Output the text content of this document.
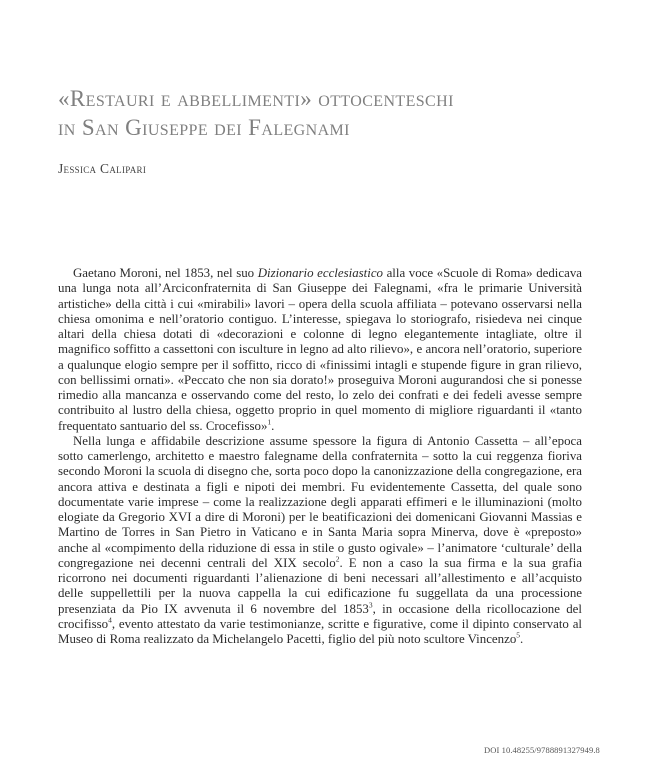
«Restauri e abbellimenti» ottocenteschi
in San Giuseppe dei Falegnami
Jessica Calipari

Gaetano Moroni, nel 1853, nel suo Dizionario ecclesiastico alla voce «Scuole di Roma» dedicava una lunga nota all’Arciconfraternita di San Giuseppe dei Falegnami, «fra le primarie Università artistiche» della città i cui «mirabili» lavori – opera della scuola affiliata – potevano osservarsi nella chiesa omonima e nell’oratorio contiguo. L’interesse, spiegava lo storiografo, risiedeva nei cinque altari della chiesa dotati di «decorazioni e colonne di legno elegantemente intagliate, oltre il magnifico soffitto a cassettoni con isculture in legno ad alto rilievo», e ancora nell’oratorio, superiore a qualunque elogio sempre per il soffitto, ricco di «finissimi intagli e stupende figure in gran rilievo, con bellissimi ornati». «Peccato che non sia dorato!» proseguiva Moroni augurandosi che si ponesse rimedio alla mancanza e osservando come del resto, lo zelo dei confrati e dei fedeli avesse sempre contribuito al lustro della chiesa, oggetto proprio in quel momento di migliore riguardanti il «tanto frequentato santuario del ss. Crocefisso»$^1$.

Nella lunga e affidabile descrizione assume spessore la figura di Antonio Cassetta – all’epoca sotto camerlengo, architetto e maestro falegname della confraternita – sotto la cui reggenza fioriva secondo Moroni la scuola di disegno che, sorta poco dopo la canonizzazione della congregazione, era ancora attiva e destinata a figli e nipoti dei membri. Fu evidentemente Cassetta, del quale sono documentate varie imprese – come la realizzazione degli apparati effimeri e le illuminazioni (molto elogiate da Gregorio XVI a dire di Moroni) per le beatificazioni dei domenicani Giovanni Massias e Martino de Torres in San Pietro in Vaticano e in Santa Maria sopra Minerva, dove è «preposto» anche al «compimento della riduzione di essa in stile o gusto ogivale» – l’animatore ‘culturale’ della congregazione nei decenni centrali del XIX secolo$^2$. E non a caso la sua firma e la sua grafia ricorrono nei documenti riguardanti l’alienazione di beni necessari all’allestimento e all’acquisto delle suppellettili per la nuova cappella la cui edificazione fu suggellata da una processione presenziata da Pio IX avvenuta il 6 novembre del 1853$^3$, in occasione della ricollocazione del crocifisso$^4$, evento attestato da varie testimonianze, scritte e figurative, come il dipinto conservato al Museo di Roma realizzato da Michelangelo Pacetti, figlio del più noto scultore Vincenzo$^5$.

DOI 10.48255/9788891327949.8
